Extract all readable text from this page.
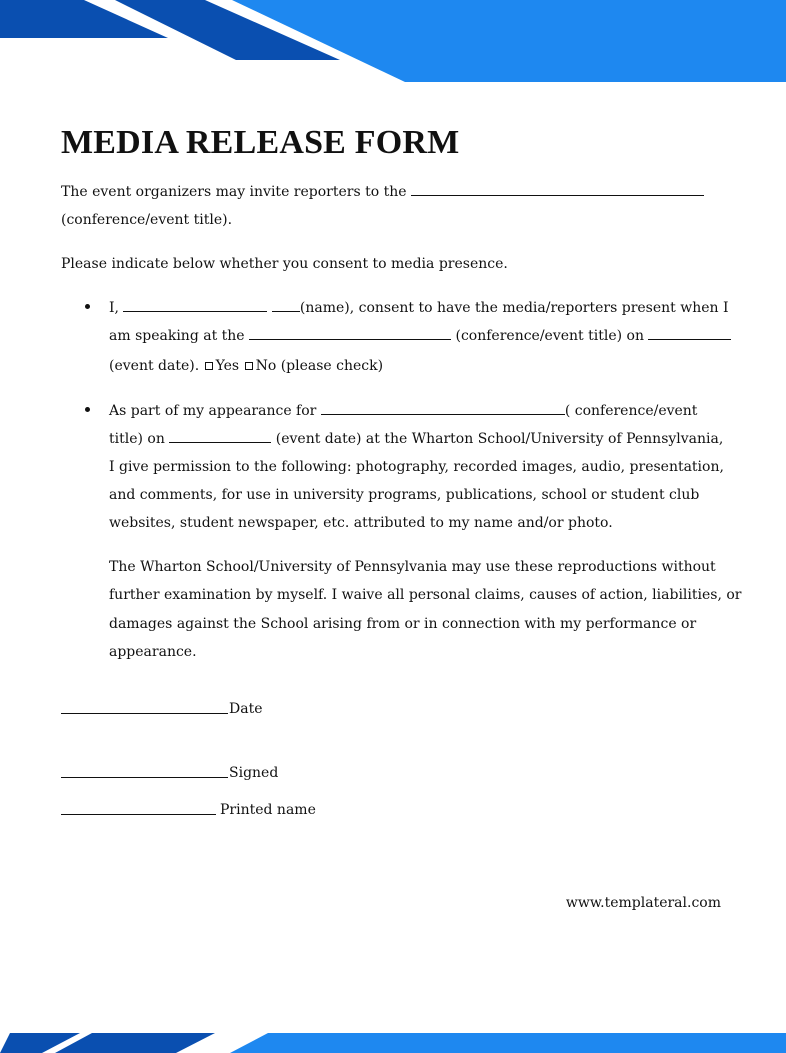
MEDIA RELEASE FORM
The event organizers may invite reporters to the
(conference/event title).
Please indicate below whether you consent to media presence.
I,	(name), consent to have the media/reporters present when I
am speaking at the	(conference/event title) on
(event date). Yes No (please check)
As part of my appearance for	( conference/event
title) on	(event date) at the Wharton School/University of Pennsylvania,
I give permission to the following: photography, recorded images, audio, presentation,
and comments, for use in university programs, publications, school or student club
websites, student newspaper, etc. attributed to my name and/or photo.
The Wharton School/University of Pennsylvania may use these reproductions without
further examination by myself. I waive all personal claims, causes of action, liabilities, or
damages against the School arising from or in connection with my performance or
appearance.
Date
Signed
Printed name
www.templateral.com
